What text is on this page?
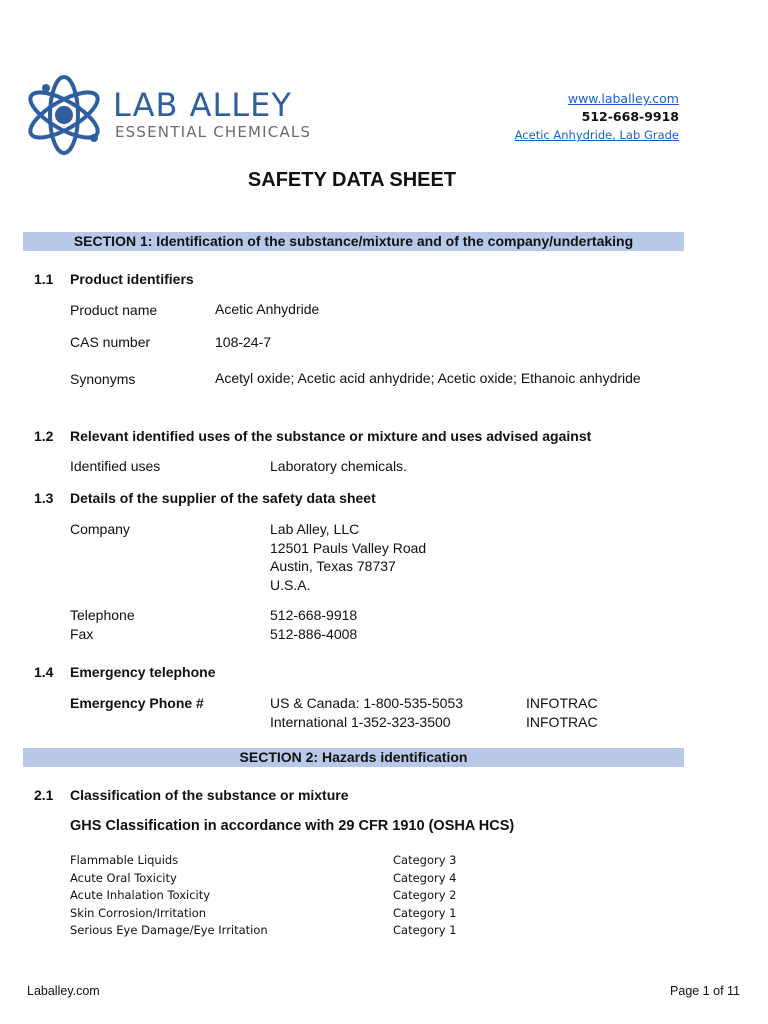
LAB ALLEY
ESSENTIAL CHEMICALS
www.laballey.com
512-668-9918
Acetic Anhydride, Lab Grade
SAFETY DATA SHEET
SECTION 1: Identification of the substance/mixture and of the company/undertaking
1.1 Product identifiers
Product name	Acetic Anhydride
CAS number	108-24-7
Synonyms	Acetyl oxide; Acetic acid anhydride; Acetic oxide; Ethanoic anhydride
1.2 Relevant identified uses of the substance or mixture and uses advised against
Identified uses	Laboratory chemicals.
1.3 Details of the supplier of the safety data sheet
Company	Lab Alley, LLC
12501 Pauls Valley Road
Austin, Texas 78737
U.S.A.
Telephone	512-668-9918
Fax	512-886-4008
1.4 Emergency telephone
Emergency Phone #	US & Canada: 1-800-535-5053	INFOTRAC
International 1-352-323-3500	INFOTRAC
SECTION 2: Hazards identification
2.1 Classification of the substance or mixture
GHS Classification in accordance with 29 CFR 1910 (OSHA HCS)
Flammable Liquids	Category 3
Acute Oral Toxicity	Category 4
Acute Inhalation Toxicity	Category 2
Skin Corrosion/Irritation	Category 1
Serious Eye Damage/Eye Irritation	Category 1
Laballey.com	Page 1 of 11
